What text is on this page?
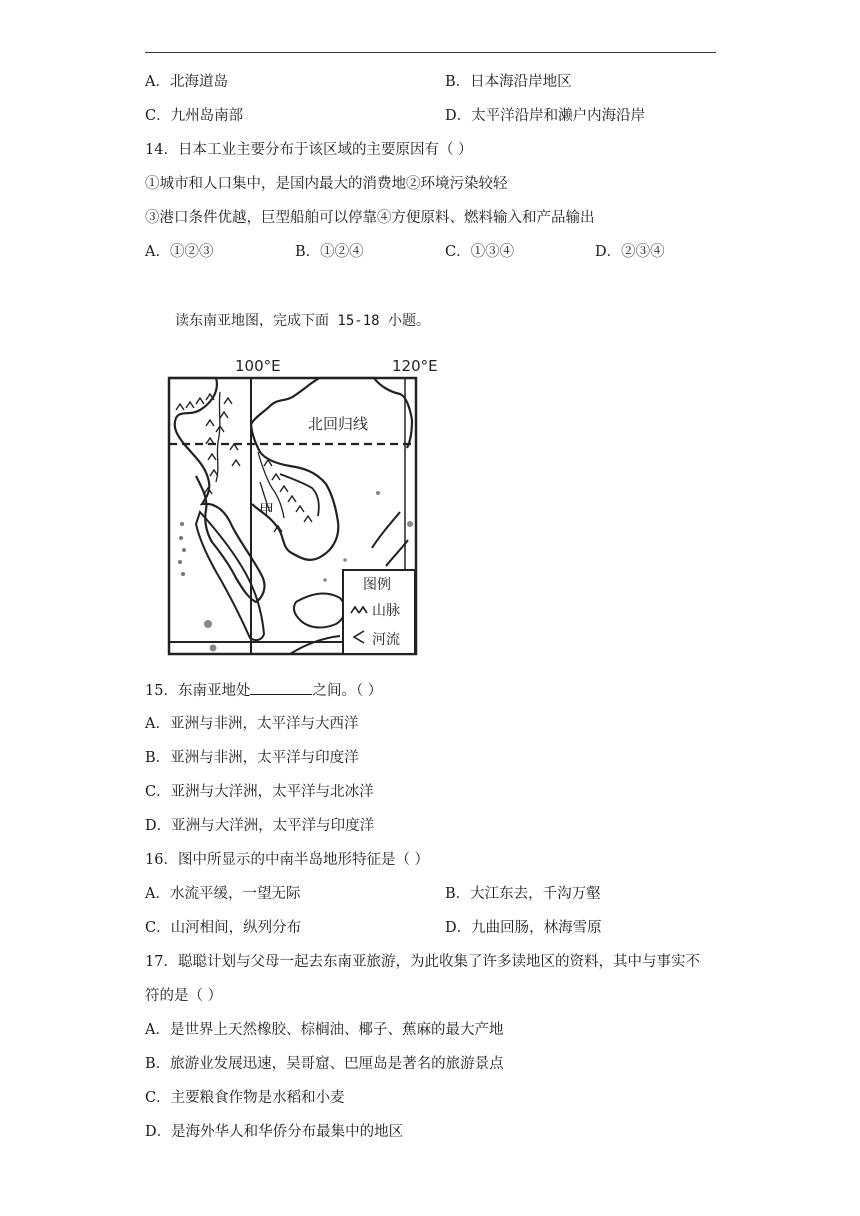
A．北海道岛	B．日本海沿岸地区
C．九州岛南部	D．太平洋沿岸和濑户内海沿岸
14．日本工业主要分布于该区域的主要原因有（ ）
①城市和人口集中，是国内最大的消费地②环境污染较轻
③港口条件优越，巨型船舶可以停靠④方便原料、燃料输入和产品输出
A．①②③	B．①②④	C．①③④	D．②③④
读东南亚地图，完成下面 15-18 小题。
100°E	120°E
北回归线
甲
图例
山脉
河流
15．东南亚地处	之间。（ ）
A．亚洲与非洲，太平洋与大西洋
B．亚洲与非洲，太平洋与印度洋
C．亚洲与大洋洲，太平洋与北冰洋
D．亚洲与大洋洲，太平洋与印度洋
16．图中所显示的中南半岛地形特征是（ ）
A．水流平缓，一望无际	B．大江东去，千沟万壑
C．山河相间，纵列分布	D．九曲回肠，林海雪原
17．聪聪计划与父母一起去东南亚旅游，为此收集了许多读地区的资料，其中与事实不
符的是（ ）
A．是世界上天然橡胶、棕榈油、椰子、蕉麻的最大产地
B．旅游业发展迅速，吴哥窟、巴厘岛是著名的旅游景点
C．主要粮食作物是水稻和小麦
D．是海外华人和华侨分布最集中的地区
